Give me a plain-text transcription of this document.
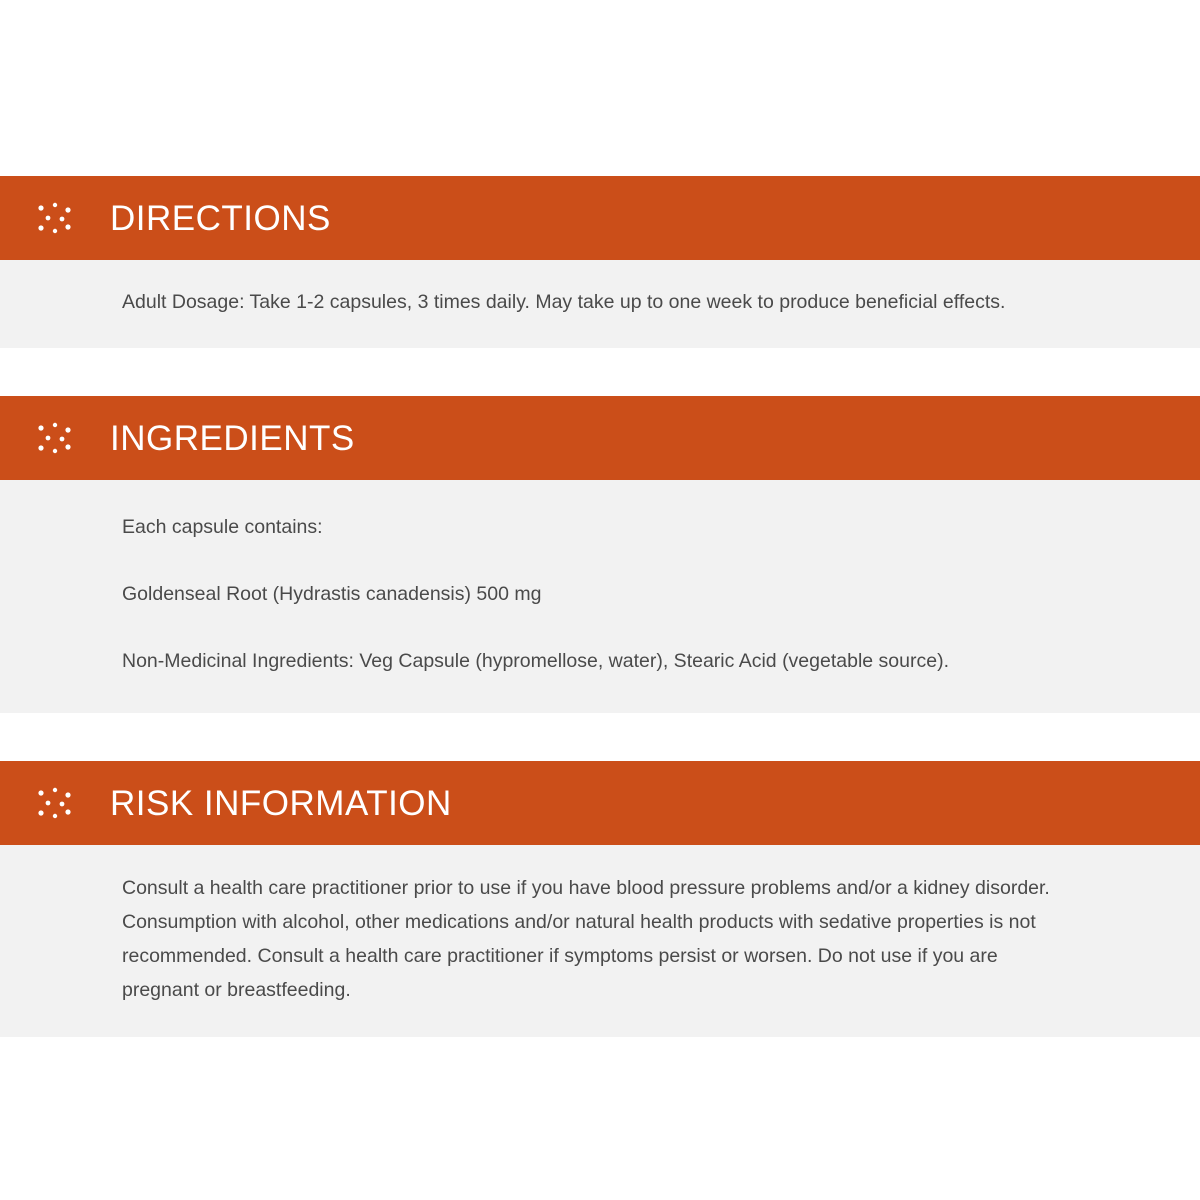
DIRECTIONS

Adult Dosage: Take 1-2 capsules, 3 times daily. May take up to one week to produce beneficial effects.

INGREDIENTS

Each capsule contains:

Goldenseal Root (Hydrastis canadensis) 500 mg

Non-Medicinal Ingredients: Veg Capsule (hypromellose, water), Stearic Acid (vegetable source).

RISK INFORMATION

Consult a health care practitioner prior to use if you have blood pressure problems and/or a kidney disorder. Consumption with alcohol, other medications and/or natural health products with sedative properties is not recommended. Consult a health care practitioner if symptoms persist or worsen. Do not use if you are pregnant or breastfeeding.
